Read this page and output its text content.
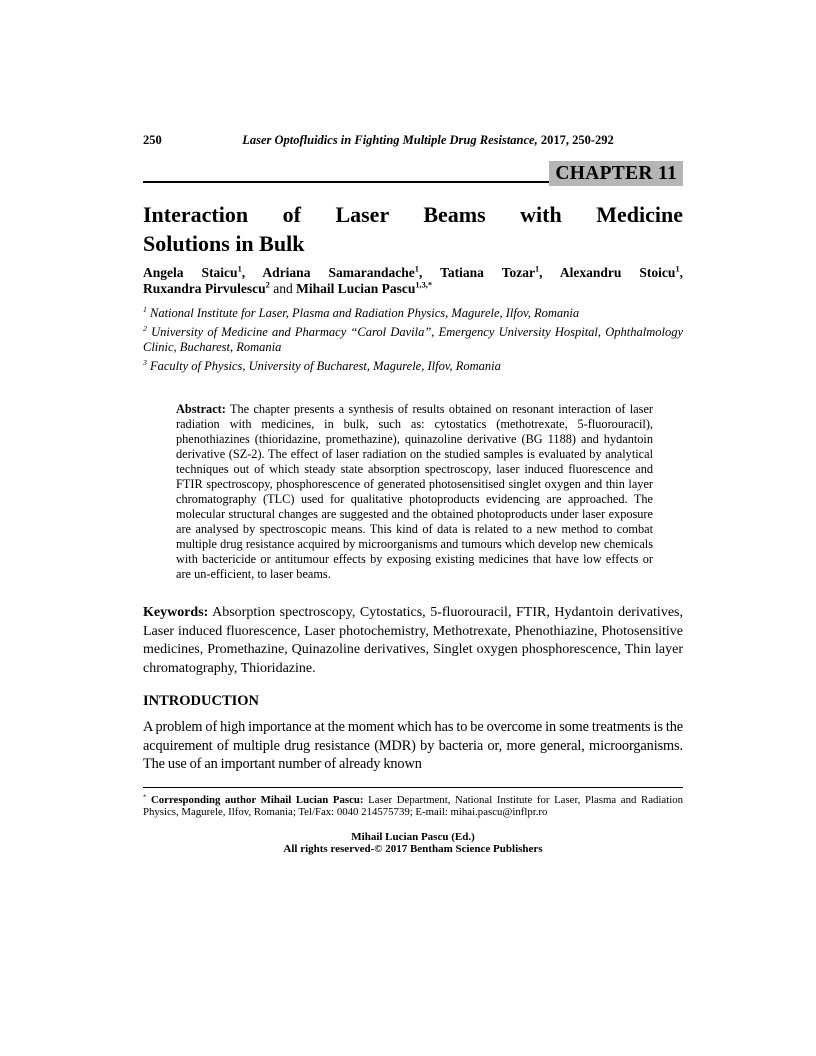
250	Laser Optofluidics in Fighting Multiple Drug Resistance, 2017, 250-292
CHAPTER 11
Interaction of Laser Beams with Medicine
Solutions in Bulk
Angela Staicu$^1$, Adriana Samarandache$^1$, Tatiana Tozar$^1$, Alexandru Stoicu$^1$,
Ruxandra Pirvulescu$^2$ and Mihail Lucian Pascu$^{1,3,*}$
$^1$ National Institute for Laser, Plasma and Radiation Physics, Magurele, Ilfov, Romania
$^2$ University of Medicine and Pharmacy “Carol Davila”, Emergency University Hospital, Ophthalmology Clinic, Bucharest, Romania
$^3$ Faculty of Physics, University of Bucharest, Magurele, Ilfov, Romania

Abstract: The chapter presents a synthesis of results obtained on resonant interaction of laser radiation with medicines, in bulk, such as: cytostatics (methotrexate, 5-fluorouracil), phenothiazines (thioridazine, promethazine), quinazoline derivative (BG 1188) and hydantoin derivative (SZ-2). The effect of laser radiation on the studied samples is evaluated by analytical techniques out of which steady state absorption spectroscopy, laser induced fluorescence and FTIR spectroscopy, phosphorescence of generated photosensitised singlet oxygen and thin layer chromatography (TLC) used for qualitative photoproducts evidencing are approached. The molecular structural changes are suggested and the obtained photoproducts under laser exposure are analysed by spectroscopic means. This kind of data is related to a new method to combat multiple drug resistance acquired by microorganisms and tumours which develop new chemicals with bactericide or antitumour effects by exposing existing medicines that have low effects or are un-efficient, to laser beams.

Keywords: Absorption spectroscopy, Cytostatics, 5-fluorouracil, FTIR, Hydantoin derivatives, Laser induced fluorescence, Laser photochemistry, Methotrexate, Phenothiazine, Photosensitive medicines, Promethazine, Quinazoline derivatives, Singlet oxygen phosphorescence, Thin layer chromatography, Thioridazine.

INTRODUCTION

A problem of high importance at the moment which has to be overcome in some treatments is the acquirement of multiple drug resistance (MDR) by bacteria or, more general, microorganisms. The use of an important number of already known

* Corresponding author Mihail Lucian Pascu: Laser Department, National Institute for Laser, Plasma and Radiation Physics, Magurele, Ilfov, Romania; Tel/Fax: 0040 214575739; E-mail: mihai.pascu@inflpr.ro
Mihail Lucian Pascu (Ed.)
All rights reserved-© 2017 Bentham Science Publishers
